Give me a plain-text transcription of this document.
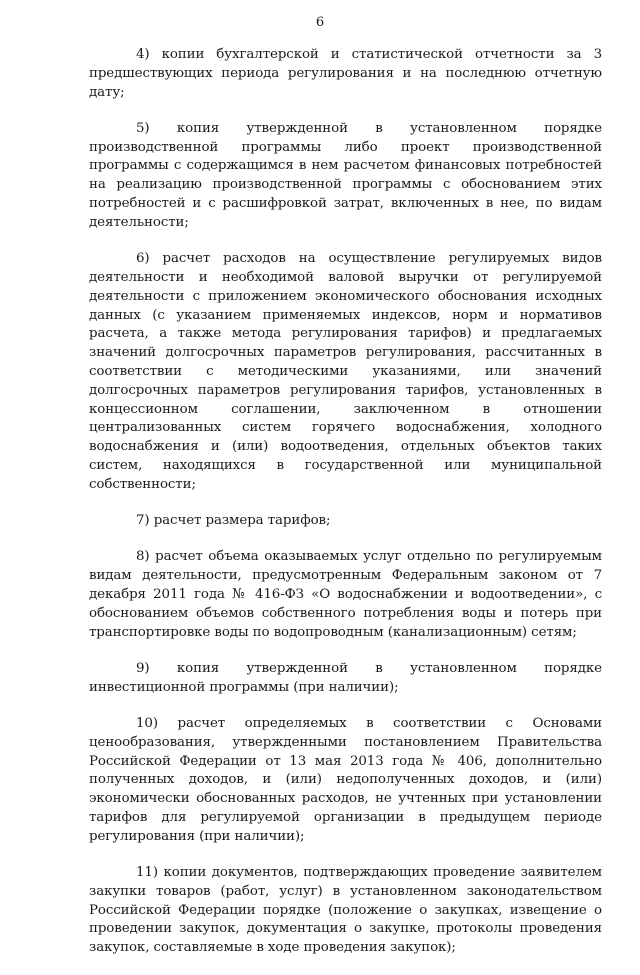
6

4) копии бухгалтерской и статистической отчетности за 3 предшествующих периода регулирования и на последнюю отчетную дату;

5) копия утвержденной в установленном порядке производственной программы либо проект производственной программы с содержащимся в нем расчетом финансовых потребностей на реализацию производственной программы с обоснованием этих потребностей и с расшифровкой затрат, включенных в нее, по видам деятельности;

6) расчет расходов на осуществление регулируемых видов деятельности и необходимой валовой выручки от регулируемой деятельности с приложением экономического обоснования исходных данных (с указанием применяемых индексов, норм и нормативов расчета, а также метода регулирования тарифов) и предлагаемых значений долгосрочных параметров регулирования, рассчитанных в соответствии с методическими указаниями, или значений долгосрочных параметров регулирования тарифов, установленных в концессионном соглашении, заключенном в отношении централизованных систем горячего водоснабжения, холодного водоснабжения и (или) водоотведения, отдельных объектов таких систем, находящихся в государственной или муниципальной собственности;

7) расчет размера тарифов;

8) расчет объема оказываемых услуг отдельно по регулируемым видам деятельности, предусмотренным Федеральным законом от 7 декабря 2011 года № 416-ФЗ «О водоснабжении и водоотведении», с обоснованием объемов собственного потребления воды и потерь при транспортировке воды по водопроводным (канализационным) сетям;

9) копия утвержденной в установленном порядке инвестиционной программы (при наличии);

10) расчет определяемых в соответствии с Основами ценообразования, утвержденными постановлением Правительства Российской Федерации от 13 мая 2013 года № 406, дополнительно полученных доходов, и (или) недополученных доходов, и (или) экономически обоснованных расходов, не учтенных при установлении тарифов для регулируемой организации в предыдущем периоде регулирования (при наличии);

11) копии документов, подтверждающих проведение заявителем закупки товаров (работ, услуг) в установленном законодательством Российской Федерации порядке (положение о закупках, извещение о проведении закупок, документация о закупке, протоколы проведения закупок, составляемые в ходе проведения закупок);
